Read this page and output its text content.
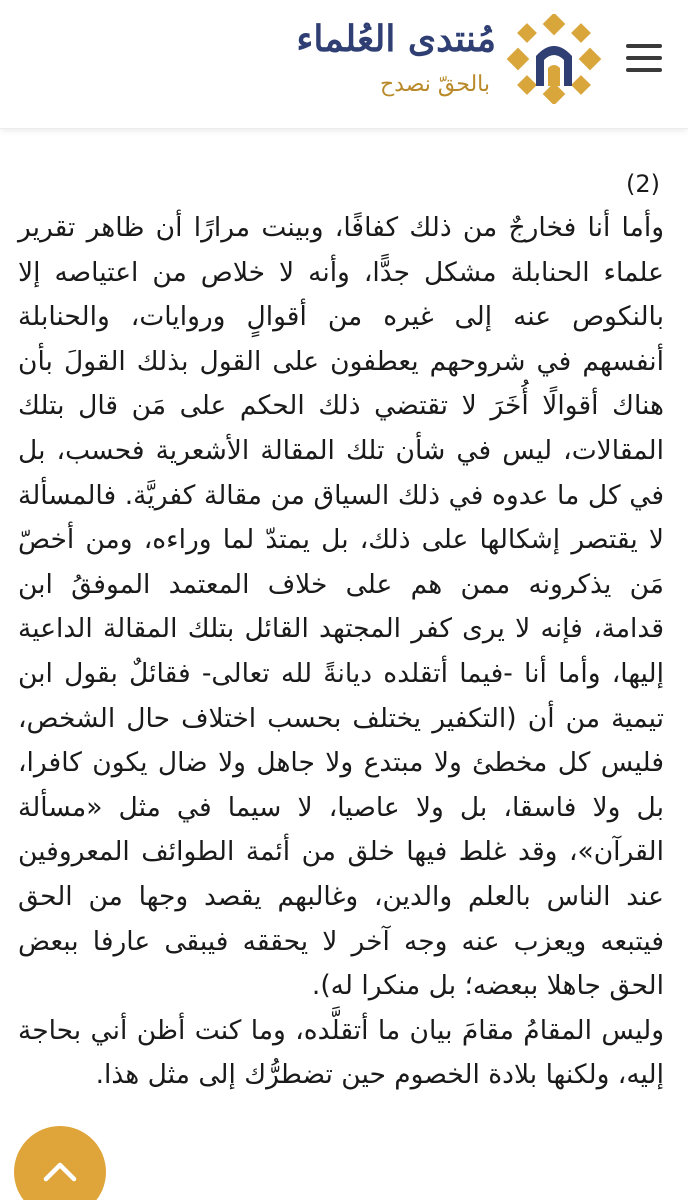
مُنتدى العُلماء
بالحقّ نصدح
(2)

وأما أنا فخارجٌ من ذلك كفافًا، وبينت مرارًا أن ظاهر تقرير علماء الحنابلة مشكل جدًّا، وأنه لا خلاص من اعتياصه إلا بالنكوص عنه إلى غيره من أقوالٍ وروايات، والحنابلة أنفسهم في شروحهم يعطفون على القول بذلك القولَ بأن هناك أقوالًا أُخَرَ لا تقتضي ذلك الحكم على مَن قال بتلك المقالات، ليس في شأن تلك المقالة الأشعرية فحسب، بل في كل ما عدوه في ذلك السياق من مقالة كفريَّة. فالمسألة لا يقتصر إشكالها على ذلك، بل يمتدّ لما وراءه، ومن أخصّ مَن يذكرونه ممن هم على خلاف المعتمد الموفقُ ابن قدامة، فإنه لا يرى كفر المجتهد القائل بتلك المقالة الداعية إليها، وأما أنا -فيما أتقلده ديانةً لله تعالى- فقائلٌ بقول ابن تيمية من أن (التكفير يختلف بحسب اختلاف حال الشخص، فليس كل مخطئ ولا مبتدع ولا جاهل ولا ضال يكون كافرا، بل ولا فاسقا، بل ولا عاصيا، لا سيما في مثل «مسألة القرآن»، وقد غلط فيها خلق من أئمة الطوائف المعروفين عند الناس بالعلم والدين، وغالبهم يقصد وجها من الحق فيتبعه ويعزب عنه وجه آخر لا يحققه فيبقى عارفا ببعض الحق جاهلا ببعضه؛ بل منكرا له).

وليس المقامُ مقامَ بيان ما أتقلَّده، وما كنت أظن أني بحاجة إليه، ولكنها بلادة الخصوم حين تضطرُّك إلى مثل هذا.
